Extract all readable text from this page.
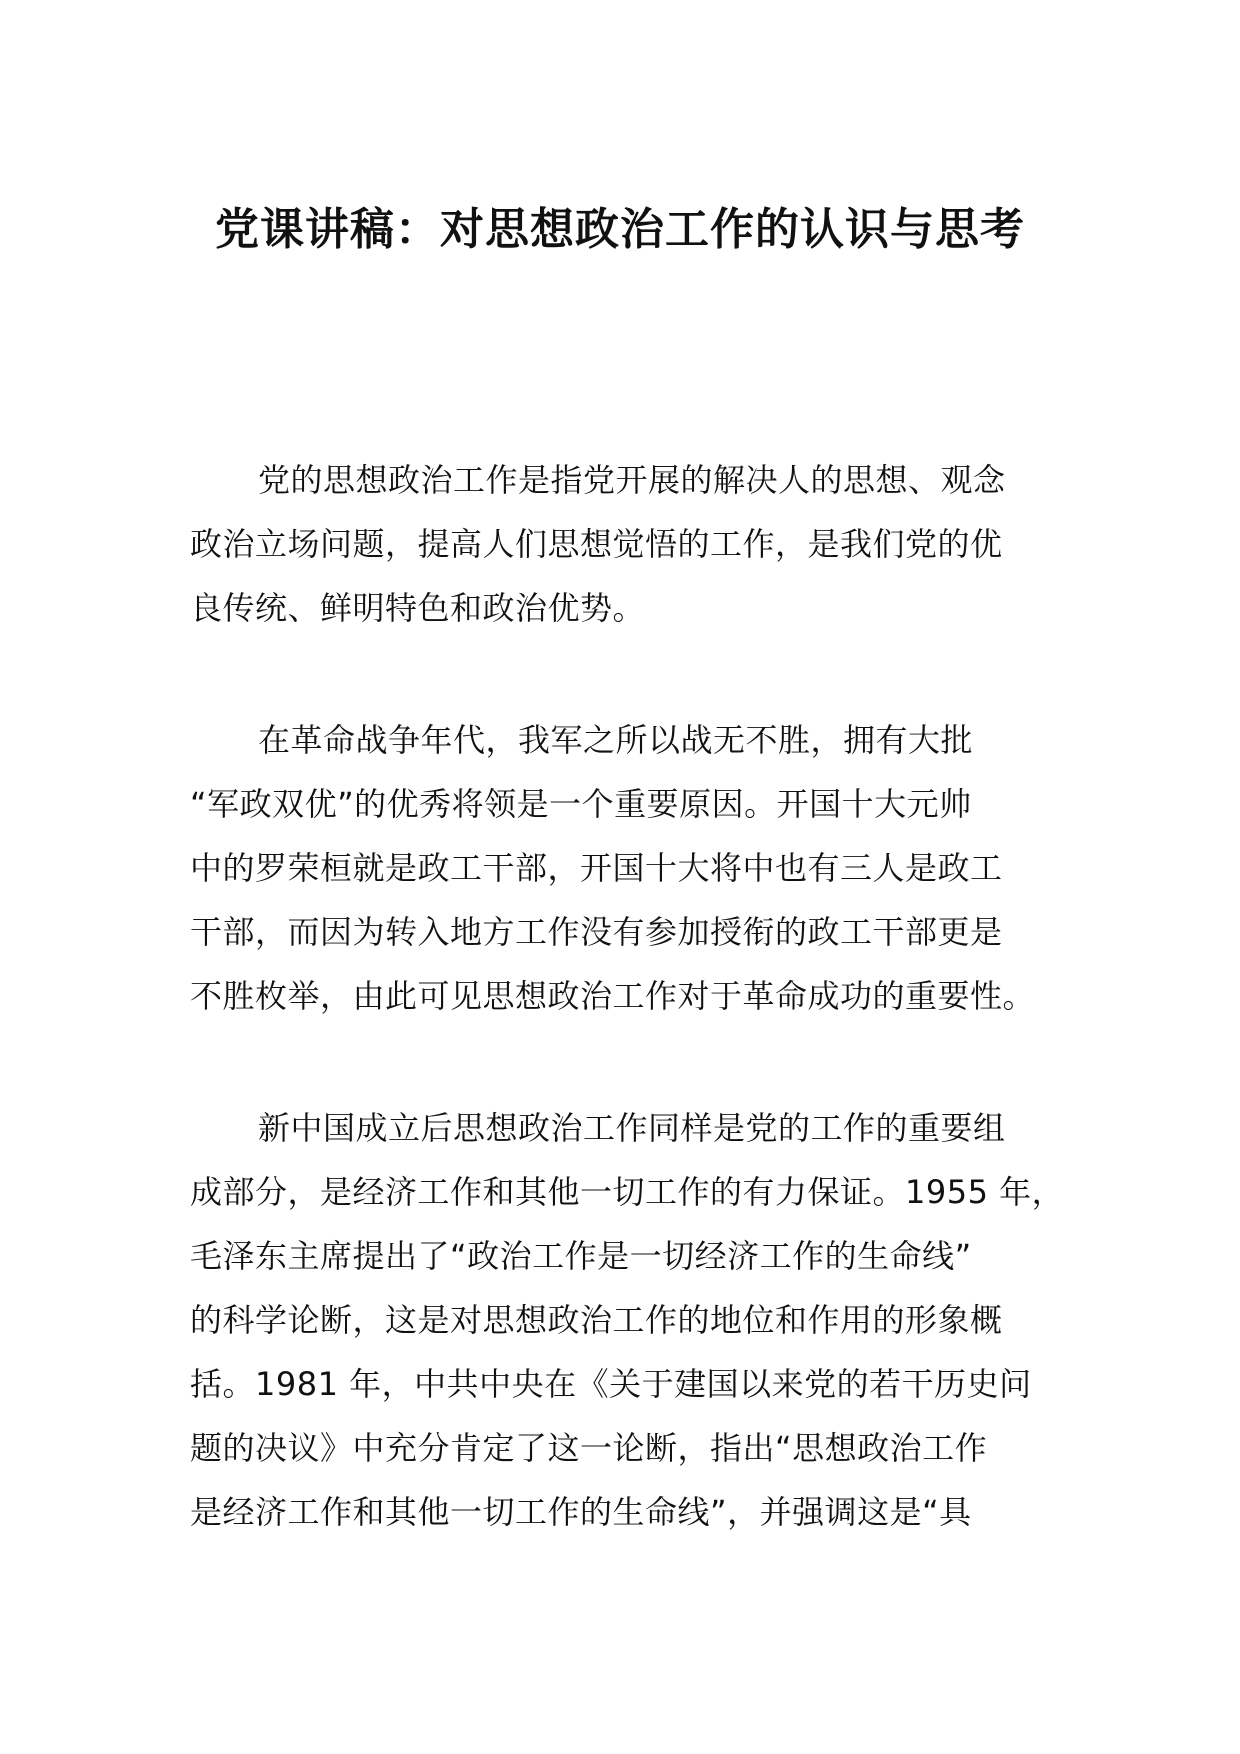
党课讲稿：对思想政治工作的认识与思考
党的思想政治工作是指党开展的解决人的思想、观念
政治立场问题，提高人们思想觉悟的工作，是我们党的优
良传统、鲜明特色和政治优势。
在革命战争年代，我军之所以战无不胜，拥有大批
“军政双优”的优秀将领是一个重要原因。开国十大元帅
中的罗荣桓就是政工干部，开国十大将中也有三人是政工
干部，而因为转入地方工作没有参加授衔的政工干部更是
不胜枚举，由此可见思想政治工作对于革命成功的重要性。
新中国成立后思想政治工作同样是党的工作的重要组
成部分，是经济工作和其他一切工作的有力保证。1955 年，
毛泽东主席提出了“政治工作是一切经济工作的生命线”
的科学论断，这是对思想政治工作的地位和作用的形象概
括。1981 年，中共中央在《关于建国以来党的若干历史问
题的决议》中充分肯定了这一论断，指出“思想政治工作
是经济工作和其他一切工作的生命线”，并强调这是“具
